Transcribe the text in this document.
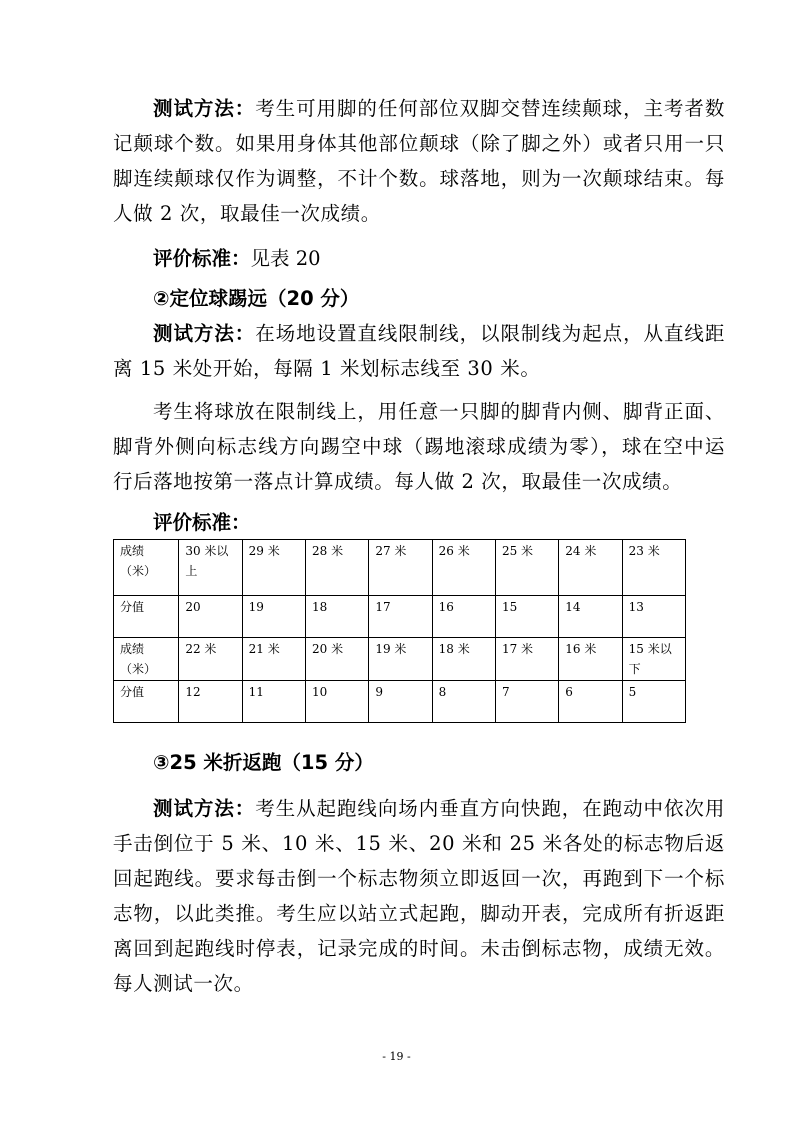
测试方法：考生可用脚的任何部位双脚交替连续颠球，主考者数记颠球个数。如果用身体其他部位颠球（除了脚之外）或者只用一只脚连续颠球仅作为调整，不计个数。球落地，则为一次颠球结束。每人做 2 次，取最佳一次成绩。

评价标准：见表 20

②定位球踢远（20 分）

测试方法：在场地设置直线限制线，以限制线为起点，从直线距离 15 米处开始，每隔 1 米划标志线至 30 米。

考生将球放在限制线上，用任意一只脚的脚背内侧、脚背正面、脚背外侧向标志线方向踢空中球（踢地滚球成绩为零），球在空中运行后落地按第一落点计算成绩。每人做 2 次，取最佳一次成绩。

评价标准：

成绩（米）	30 米以上	29 米	28 米	27 米	26 米	25 米	24 米	23 米
分值	20	19	18	17	16	15	14	13
成绩（米）	22 米	21 米	20 米	19 米	18 米	17 米	16 米	15 米以下
分值	12	11	10	9	8	7	6	5

③25 米折返跑（15 分）

测试方法：考生从起跑线向场内垂直方向快跑，在跑动中依次用手击倒位于 5 米、10 米、15 米、20 米和 25 米各处的标志物后返回起跑线。要求每击倒一个标志物须立即返回一次，再跑到下一个标志物，以此类推。考生应以站立式起跑，脚动开表，完成所有折返距离回到起跑线时停表，记录完成的时间。未击倒标志物，成绩无效。每人测试一次。

- 19 -
